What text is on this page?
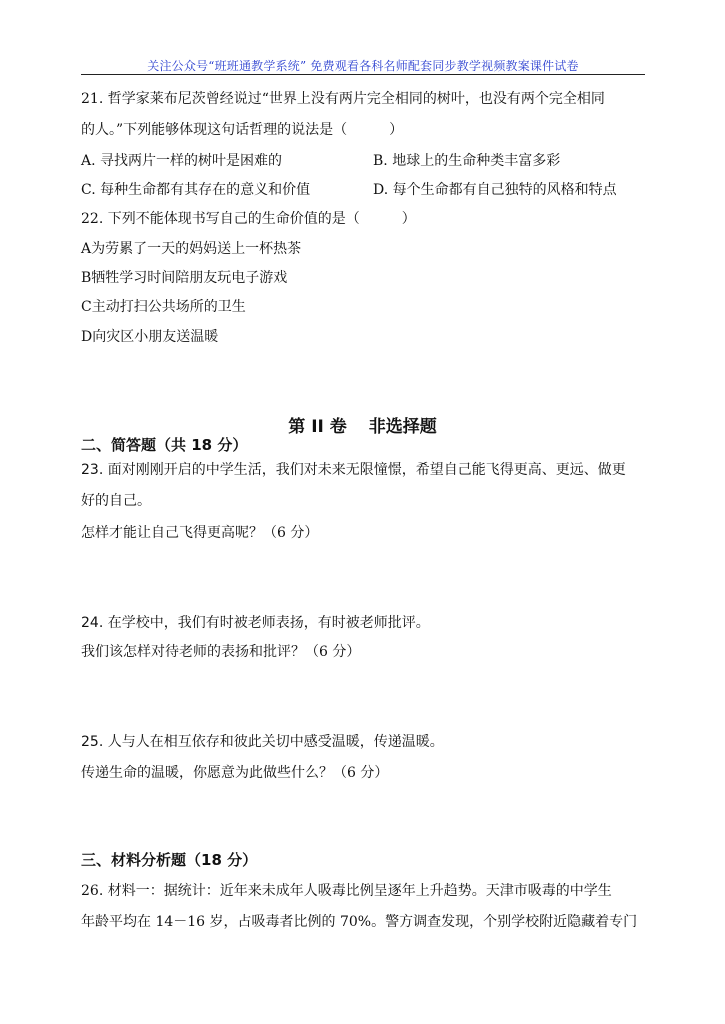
关注公众号“班班通教学系统” 免费观看各科名师配套同步教学视频教案课件试卷
21. 哲学家莱布尼茨曾经说过“世界上没有两片完全相同的树叶，也没有两个完全相同
的人。”下列能够体现这句话哲理的说法是（　　　）
A. 寻找两片一样的树叶是困难的	B. 地球上的生命种类丰富多彩
C. 每种生命都有其存在的意义和价值	D. 每个生命都有自己独特的风格和特点
22. 下列不能体现书写自己的生命价值的是（　　　）
A为劳累了一天的妈妈送上一杯热茶
B牺牲学习时间陪朋友玩电子游戏
C主动打扫公共场所的卫生
D向灾区小朋友送温暖
第 II 卷 非选择题
二、简答题（共 18 分）
23. 面对刚刚开启的中学生活，我们对未来无限憧憬，希望自己能飞得更高、更远、做更
好的自己。
怎样才能让自己飞得更高呢？（6 分）
24. 在学校中，我们有时被老师表扬，有时被老师批评。
我们该怎样对待老师的表扬和批评？（6 分）
25. 人与人在相互依存和彼此关切中感受温暖，传递温暖。
传递生命的温暖，你愿意为此做些什么？（6 分）
三、材料分析题（18 分）
26. 材料一：据统计：近年来未成年人吸毒比例呈逐年上升趋势。天津市吸毒的中学生
年龄平均在 14－16 岁，占吸毒者比例的 70%。警方调查发现，个别学校附近隐藏着专门
